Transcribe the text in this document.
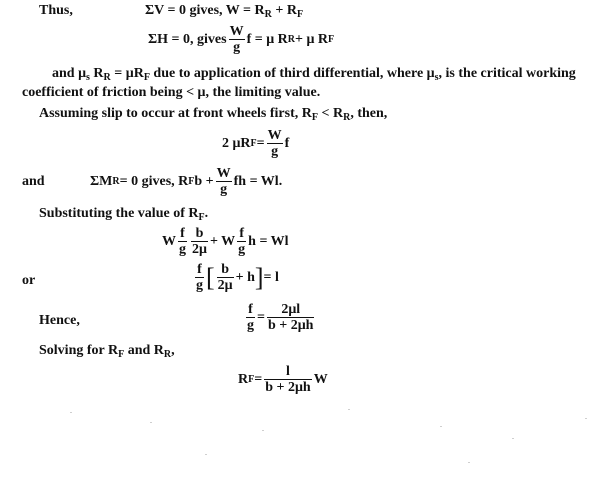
Thus,	ΣV = 0 gives, $W = R_R + R_F$
ΣH = 0, gives $\frac{W}{g}$ f = μ R R + μ R F
and $\mu_s$ $R_R = \mu R_F$ due to application of third differential, where $\mu_s$, is the critical working
coefficient of friction being < μ, the limiting value.
Assuming slip to occur at front wheels first, $R_F < R_R$, then,
2 μR $F = \frac{W}{g}$ f
and	ΣM R = 0 gives, R F $b + \frac{W}{g}$ fh = Wl.
Substituting the value of $R_F$.
W $\frac{f}{g} \frac{b}{2\mu} + W \frac{f}{g}$ h = Wl
or	$\frac{f}{g}$ [ $\frac{b}{2\mu} + h$ ] = l
Hence,	$\frac{f}{g} = \frac{2\mu l}{b + 2\mu h}$
Solving for $R_F$ and $R_R$,
R $F = \frac{l}{b + 2\mu h}$ W
